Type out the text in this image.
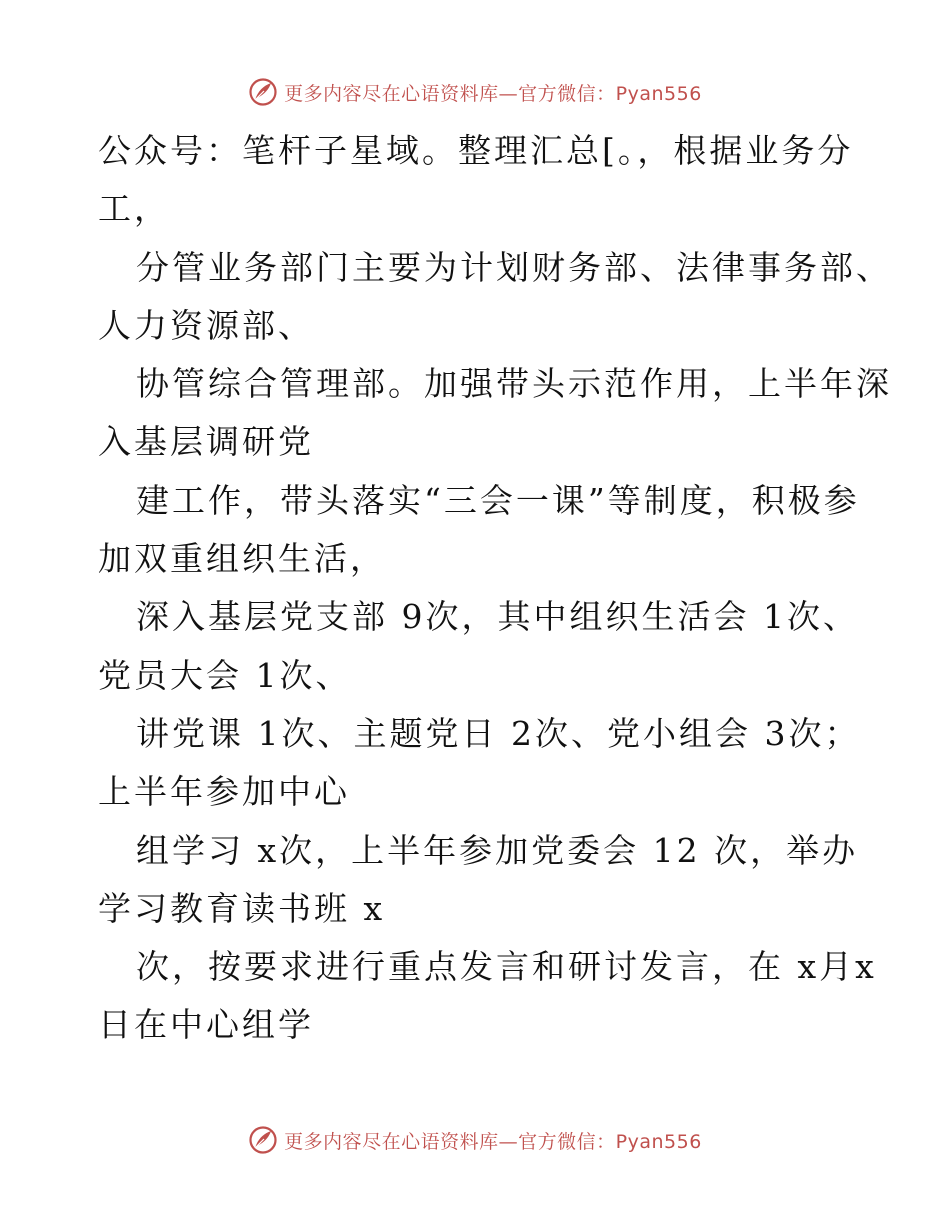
更多内容尽在心语资料库—官方微信：Pyan556
公众号：笔杆子星域。整理汇总[。，根据业务分
工，
分管业务部门主要为计划财务部、法律事务部、
人力资源部、
协管综合管理部。加强带头示范作用，上半年深
入基层调研党
建工作，带头落实“三会一课”等制度，积极参
加双重组织生活，
深入基层党支部 9次，其中组织生活会 1次、
党员大会 1次、
讲党课 1次、主题党日 2次、党小组会 3次；
上半年参加中心
组学习 x次，上半年参加党委会 12 次，举办
学习教育读书班 x
次，按要求进行重点发言和研讨发言，在 x月x
日在中心组学
更多内容尽在心语资料库—官方微信：Pyan556
